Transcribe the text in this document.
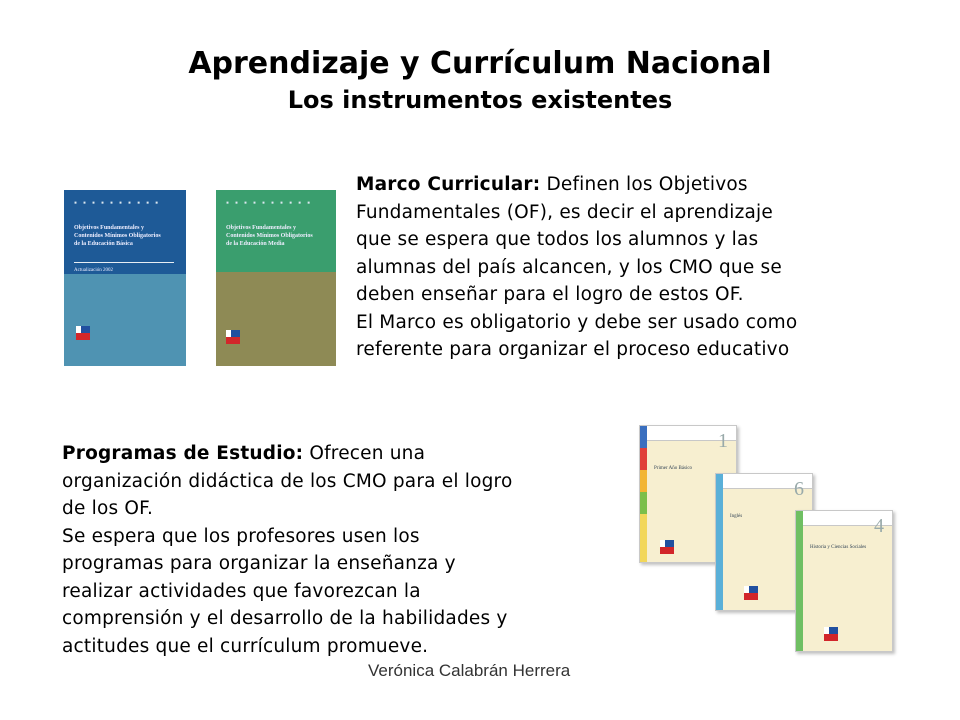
Aprendizaje y Currículum Nacional
Los instrumentos existentes
▪▪▪▪▪▪▪▪▪▪
Objetivos Fundamentales y
Contenidos Mínimos Obligatorios
de la Educación Básica
Actualización 2002
▪▪▪▪▪▪▪▪▪▪
Objetivos Fundamentales y
Contenidos Mínimos Obligatorios
de la Educación Media
Marco Curricular: Definen los Objetivos
Fundamentales (OF), es decir el aprendizaje
que se espera que todos los alumnos y las
alumnas del país alcancen, y los CMO que se
deben enseñar para el logro de estos OF.
El Marco es obligatorio y debe ser usado como
referente para organizar el proceso educativo
Programas de Estudio: Ofrecen una
organización didáctica de los CMO para el logro
de los OF.
Se espera que los profesores usen los
programas para organizar la enseñanza y
realizar actividades que favorezcan la
comprensión y el desarrollo de la habilidades y
actitudes que el currículum promueve.
1
Primer Año Básico
6
Inglés	4
Historia y Ciencias Sociales
Verónica Calabrán Herrera
